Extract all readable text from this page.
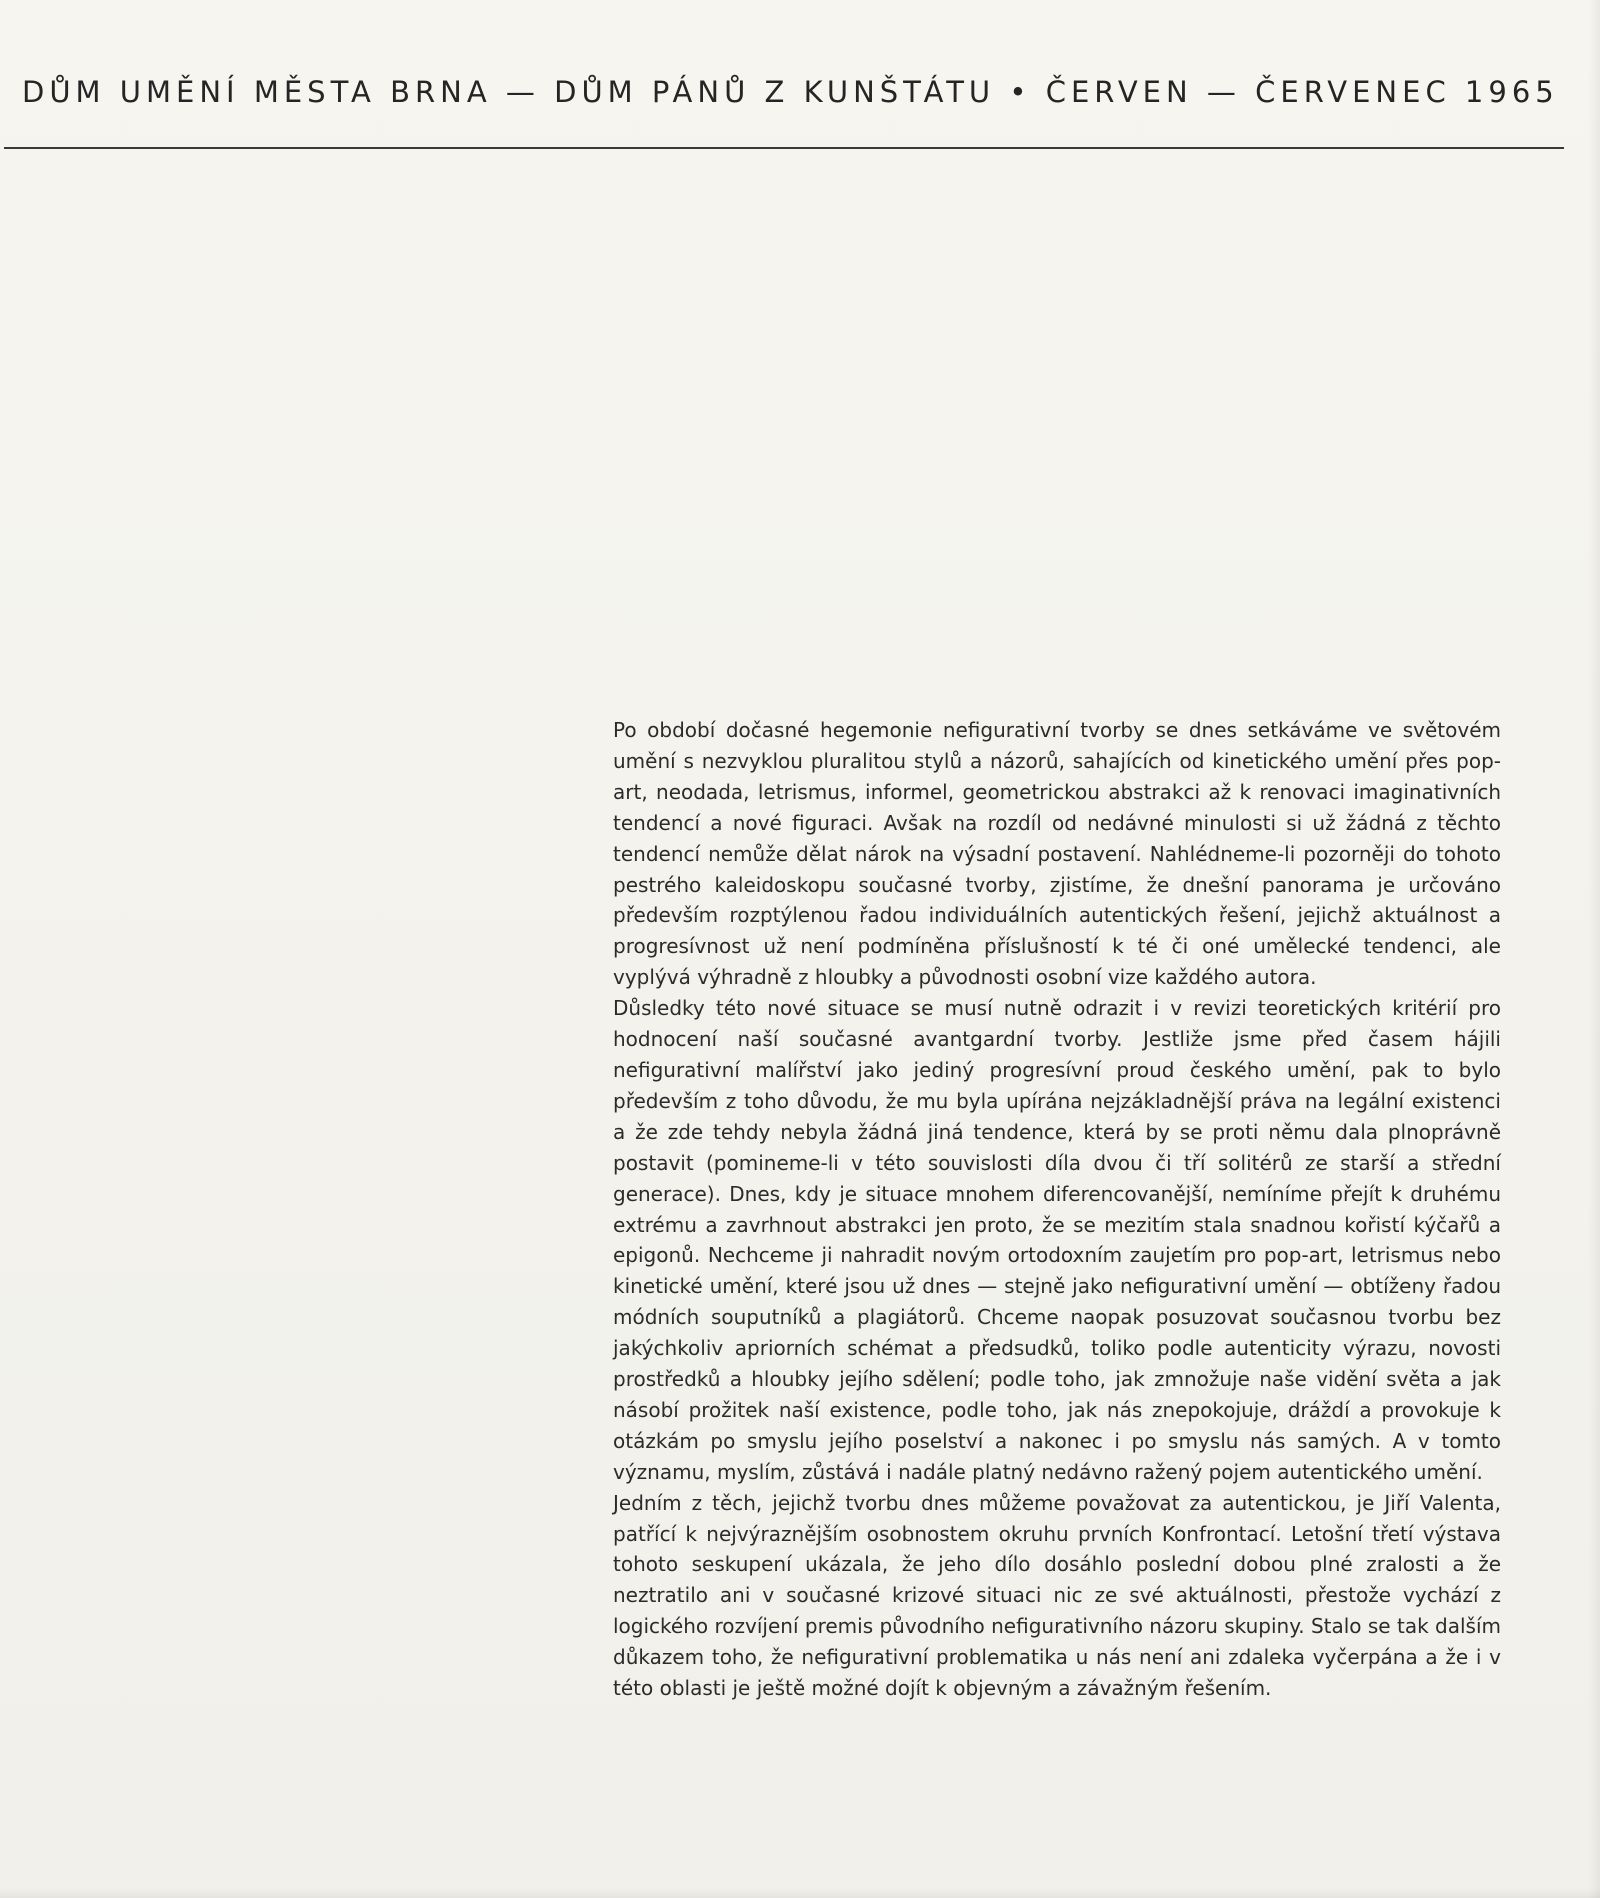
DŮM UMĚNÍ MĚSTA BRNA — DŮM PÁNŮ Z KUNŠTÁTU • ČERVEN — ČERVENEC 1965

Po období dočasné hegemonie nefigurativní tvorby se dnes setkáváme ve světovém umění s nezvyklou pluralitou stylů a názorů, sahajících od kinetického umění přes pop-art, neodada, letrismus, informel, geometrickou abstrakci až k renovaci imaginativních tendencí a nové figuraci. Avšak na rozdíl od nedávné minulosti si už žádná z těchto tendencí nemůže dělat nárok na výsadní postavení. Nahlédneme-li pozorněji do tohoto pestrého kaleidoskopu současné tvorby, zjistíme, že dnešní panorama je určováno především rozptýlenou řadou individuálních autentických řešení, jejichž aktuálnost a progresívnost už není podmíněna příslušností k té či oné umělecké tendenci, ale vyplývá výhradně z hloubky a původnosti osobní vize každého autora.

Důsledky této nové situace se musí nutně odrazit i v revizi teoretických kritérií pro hodnocení naší současné avantgardní tvorby. Jestliže jsme před časem hájili nefigurativní malířství jako jediný progresívní proud českého umění, pak to bylo především z toho důvodu, že mu byla upírána nejzákladnější práva na legální existenci a že zde tehdy nebyla žádná jiná tendence, která by se proti němu dala plnoprávně postavit (pomineme-li v této souvislosti díla dvou či tří solitérů ze starší a střední generace). Dnes, kdy je situace mnohem diferencovanější, nemíníme přejít k druhému extrému a zavrhnout abstrakci jen proto, že se mezitím stala snadnou kořistí kýčařů a epigonů. Nechceme ji nahradit novým ortodoxním zaujetím pro pop-art, letrismus nebo kinetické umění, které jsou už dnes — stejně jako nefigurativní umění — obtíženy řadou módních souputníků a plagiátorů. Chceme naopak posuzovat současnou tvorbu bez jakýchkoliv apriorních schémat a předsudků, toliko podle autenticity výrazu, novosti prostředků a hloubky jejího sdělení; podle toho, jak zmnožuje naše vidění světa a jak násobí prožitek naší existence, podle toho, jak nás znepokojuje, dráždí a provokuje k otázkám po smyslu jejího poselství a nakonec i po smyslu nás samých. A v tomto významu, myslím, zůstává i nadále platný nedávno ražený pojem autentického umění.

Jedním z těch, jejichž tvorbu dnes můžeme považovat za autentickou, je Jiří Valenta, patřící k nejvýraznějším osobnostem okruhu prvních Konfrontací. Letošní třetí výstava tohoto seskupení ukázala, že jeho dílo dosáhlo poslední dobou plné zralosti a že neztratilo ani v současné krizové situaci nic ze své aktuálnosti, přestože vychází z logického rozvíjení premis původního nefigurativního názoru skupiny. Stalo se tak dalším důkazem toho, že nefigurativní problematika u nás není ani zdaleka vyčerpána a že i v této oblasti je ještě možné dojít k objevným a závažným řešením.
